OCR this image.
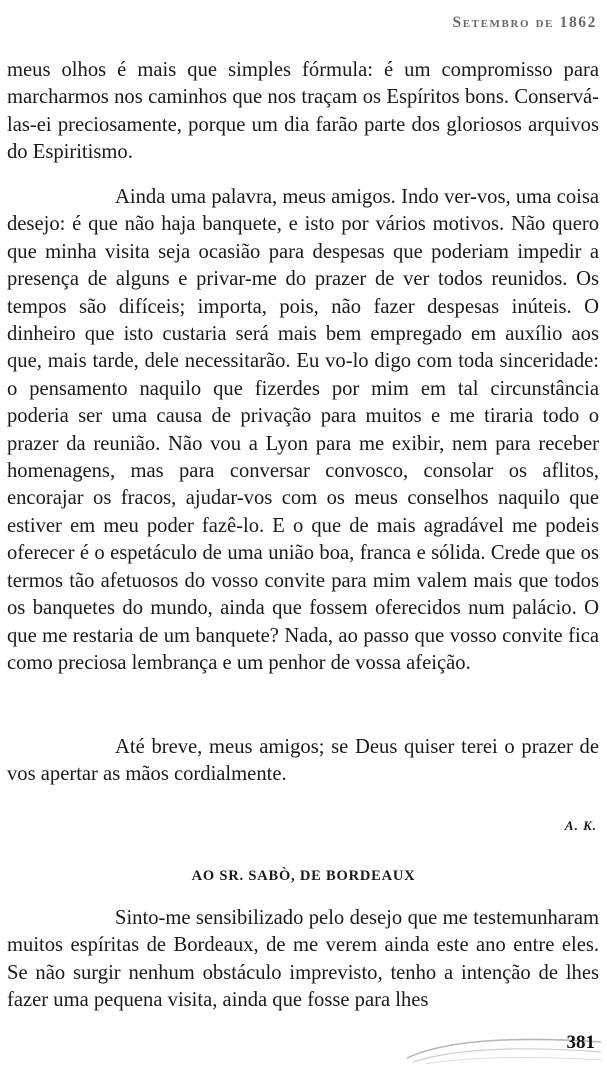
Setembro de 1862

meus olhos é mais que simples fórmula: é um compromisso para marcharmos nos caminhos que nos traçam os Espíritos bons. Conservá-las-ei preciosamente, porque um dia farão parte dos gloriosos arquivos do Espiritismo.

Ainda uma palavra, meus amigos. Indo ver-vos, uma coisa desejo: é que não haja banquete, e isto por vários motivos. Não quero que minha visita seja ocasião para despesas que poderiam impedir a presença de alguns e privar-me do prazer de ver todos reunidos. Os tempos são difíceis; importa, pois, não fazer despesas inúteis. O dinheiro que isto custaria será mais bem empregado em auxílio aos que, mais tarde, dele necessitarão. Eu vo-lo digo com toda sinceridade: o pensamento naquilo que fizerdes por mim em tal circunstância poderia ser uma causa de privação para muitos e me tiraria todo o prazer da reunião. Não vou a Lyon para me exibir, nem para receber homenagens, mas para conversar convosco, consolar os aflitos, encorajar os fracos, ajudar-vos com os meus conselhos naquilo que estiver em meu poder fazê-lo. E o que de mais agradável me podeis oferecer é o espetáculo de uma união boa, franca e sólida. Crede que os termos tão afetuosos do vosso convite para mim valem mais que todos os banquetes do mundo, ainda que fossem oferecidos num palácio. O que me restaria de um banquete? Nada, ao passo que vosso convite fica como preciosa lembrança e um penhor de vossa afeição.

Até breve, meus amigos; se Deus quiser terei o prazer de vos apertar as mãos cordialmente.

A. K.
AO SR. SABÒ, DE BORDEAUX

Sinto-me sensibilizado pelo desejo que me testemunharam muitos espíritas de Bordeaux, de me verem ainda este ano entre eles. Se não surgir nenhum obstáculo imprevisto, tenho a intenção de lhes fazer uma pequena visita, ainda que fosse para lhes

381
